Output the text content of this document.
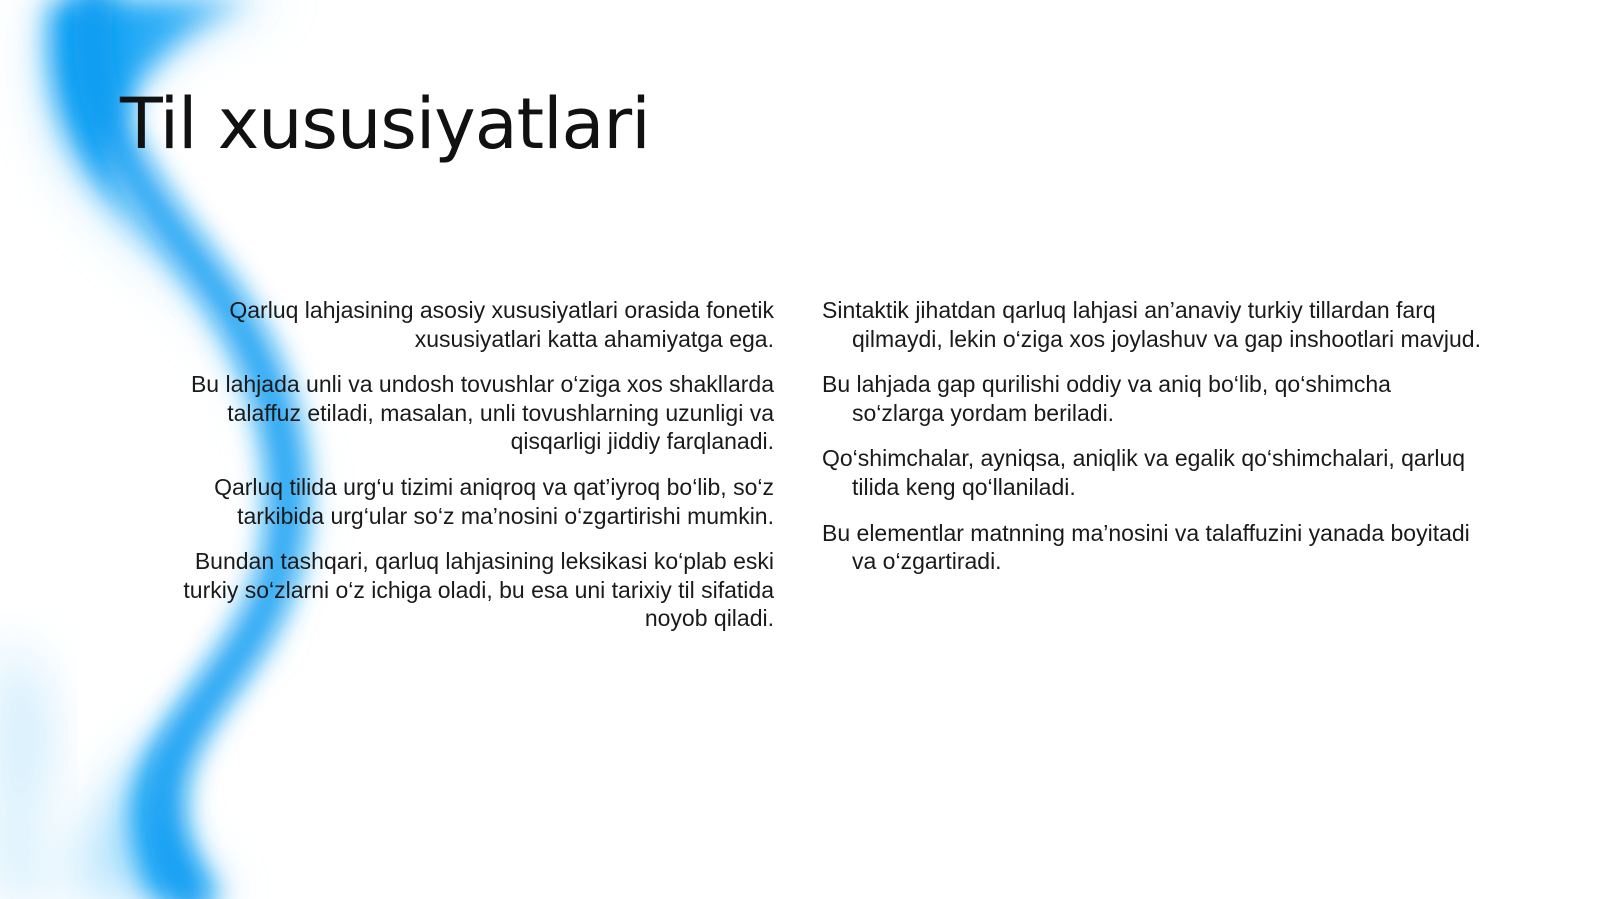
Til xususiyatlari

Qarluq lahjasining asosiy xususiyatlari orasida fonetik xususiyatlari katta ahamiyatga ega.

Bu lahjada unli va undosh tovushlar o‘ziga xos shakllarda talaffuz etiladi, masalan, unli tovushlarning uzunligi va qisqarligi jiddiy farqlanadi.

Qarluq tilida urg‘u tizimi aniqroq va qat’iyroq bo‘lib, so‘z tarkibida urg‘ular so‘z ma’nosini o‘zgartirishi mumkin.

Bundan tashqari, qarluq lahjasining leksikasi ko‘plab eski turkiy so‘zlarni o‘z ichiga oladi, bu esa uni tarixiy til sifatida noyob qiladi.

Sintaktik jihatdan qarluq lahjasi an’anaviy turkiy tillardan farq qilmaydi, lekin o‘ziga xos joylashuv va gap inshootlari mavjud.

Bu lahjada gap qurilishi oddiy va aniq bo‘lib, qo‘shimcha so‘zlarga yordam beriladi.

Qo‘shimchalar, ayniqsa, aniqlik va egalik qo‘shimchalari, qarluq tilida keng qo‘llaniladi.

Bu elementlar matnning ma’nosini va talaffuzini yanada boyitadi va o‘zgartiradi.
